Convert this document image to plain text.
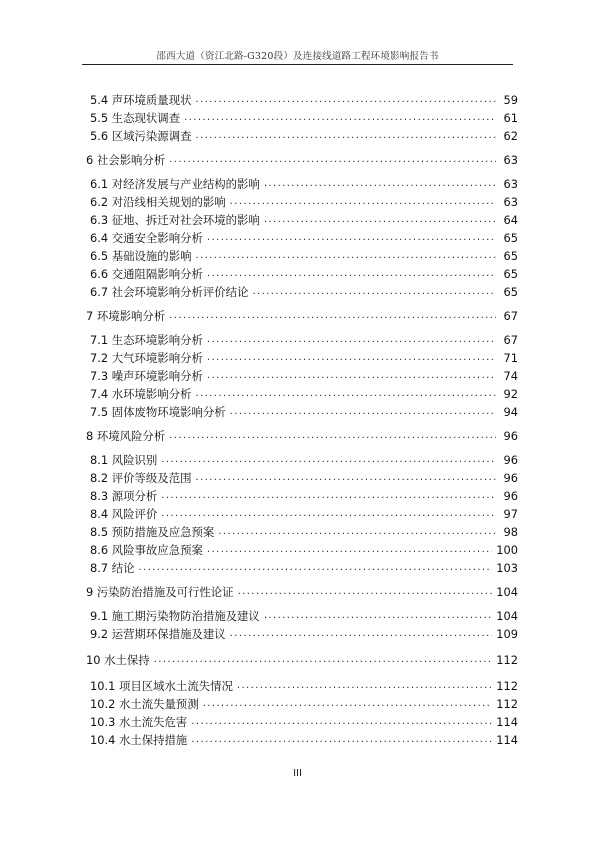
邵西大道（资江北路-G320段）及连接线道路工程环境影响报告书
5.4 声环境质量现状 .....	59
5.5 生态现状调查 .....	61
5.6 区域污染源调查 .....	62
6 社会影响分析 .....	63
6.1 对经济发展与产业结构的影响 .....	63
6.2 对沿线相关规划的影响 .....	63
6.3 征地、拆迁对社会环境的影响 .....	64
6.4 交通安全影响分析 .....	65
6.5 基础设施的影响 .....	65
6.6 交通阻隔影响分析 .....	65
6.7 社会环境影响分析评价结论 .....	65
7 环境影响分析 .....	67
7.1 生态环境影响分析 .....	67
7.2 大气环境影响分析 .....	71
7.3 噪声环境影响分析 .....	74
7.4 水环境影响分析 .....	92
7.5 固体废物环境影响分析 .....	94
8 环境风险分析 .....	96
8.1 风险识别 .....	96
8.2 评价等级及范围 .....	96
8.3 源项分析 .....	96
8.4 风险评价 .....	97
8.5 预防措施及应急预案 .....	98
8.6 风险事故应急预案 .....	100
8.7 结论 .....	103
9 污染防治措施及可行性论证 .....	104
9.1 施工期污染物防治措施及建议 .....	104
9.2 运营期环保措施及建议 .....	109
10 水土保持 .....	112
10.1 项目区域水土流失情况 .....	112
10.2 水土流失量预测 .....	112
10.3 水土流失危害 .....	114
10.4 水土保持措施 .....	114
III
